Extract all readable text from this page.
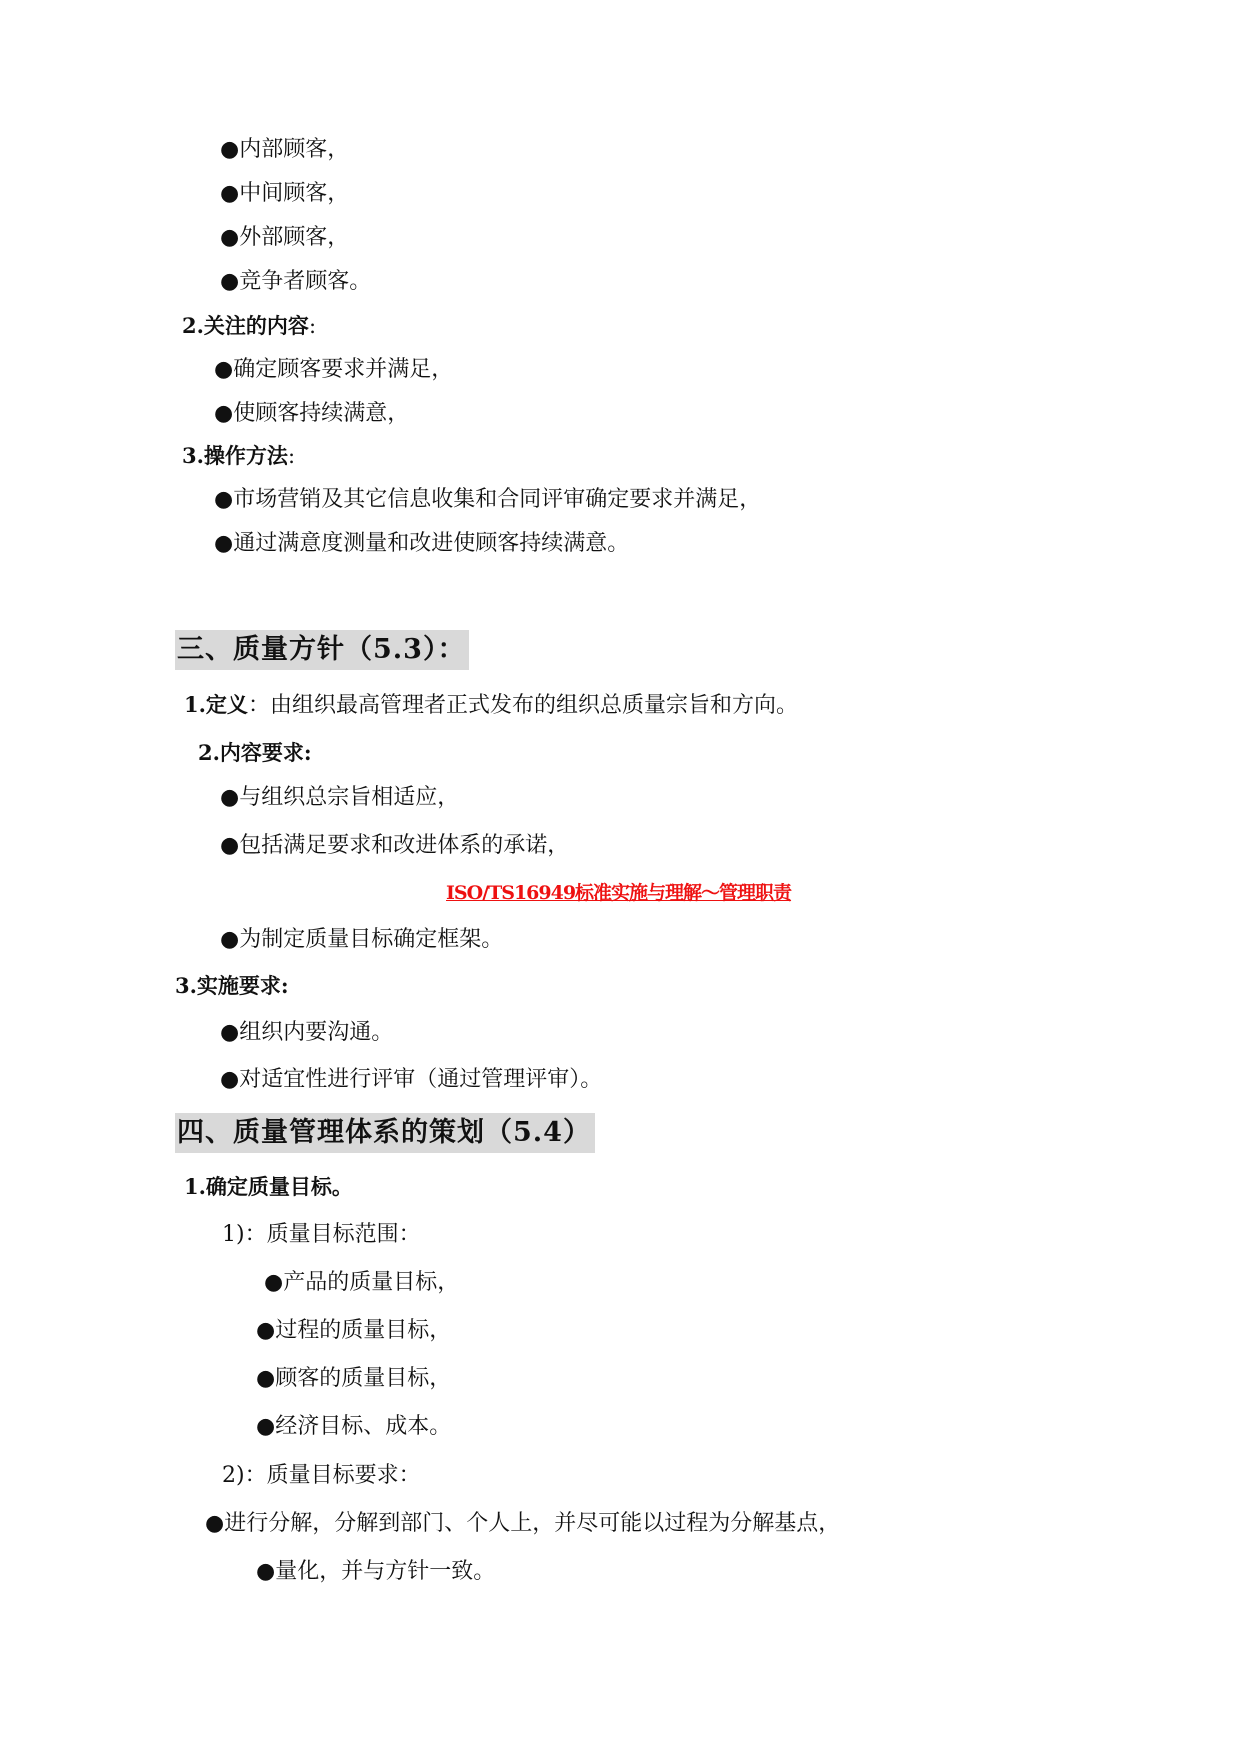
●内部顾客，
●中间顾客，
●外部顾客，
●竞争者顾客。
2.关注的内容:
●确定顾客要求并满足，
●使顾客持续满意，
3.操作方法:
●市场营销及其它信息收集和合同评审确定要求并满足，
●通过满意度测量和改进使顾客持续满意。
三、质量方针（5.3）：
1.定义：由组织最高管理者正式发布的组织总质量宗旨和方向。
2.内容要求:
●与组织总宗旨相适应，
●包括满足要求和改进体系的承诺，
ISO/TS16949标准实施与理解～管理职责
●为制定质量目标确定框架。
3.实施要求:
●组织内要沟通。
●对适宜性进行评审（通过管理评审）。
四、质量管理体系的策划（5.4）
1.确定质量目标。
1)：质量目标范围：
●产品的质量目标，
●过程的质量目标，
●顾客的质量目标，
●经济目标、成本。
2)：质量目标要求：
●进行分解，分解到部门、个人上，并尽可能以过程为分解基点，
●量化，并与方针一致。
